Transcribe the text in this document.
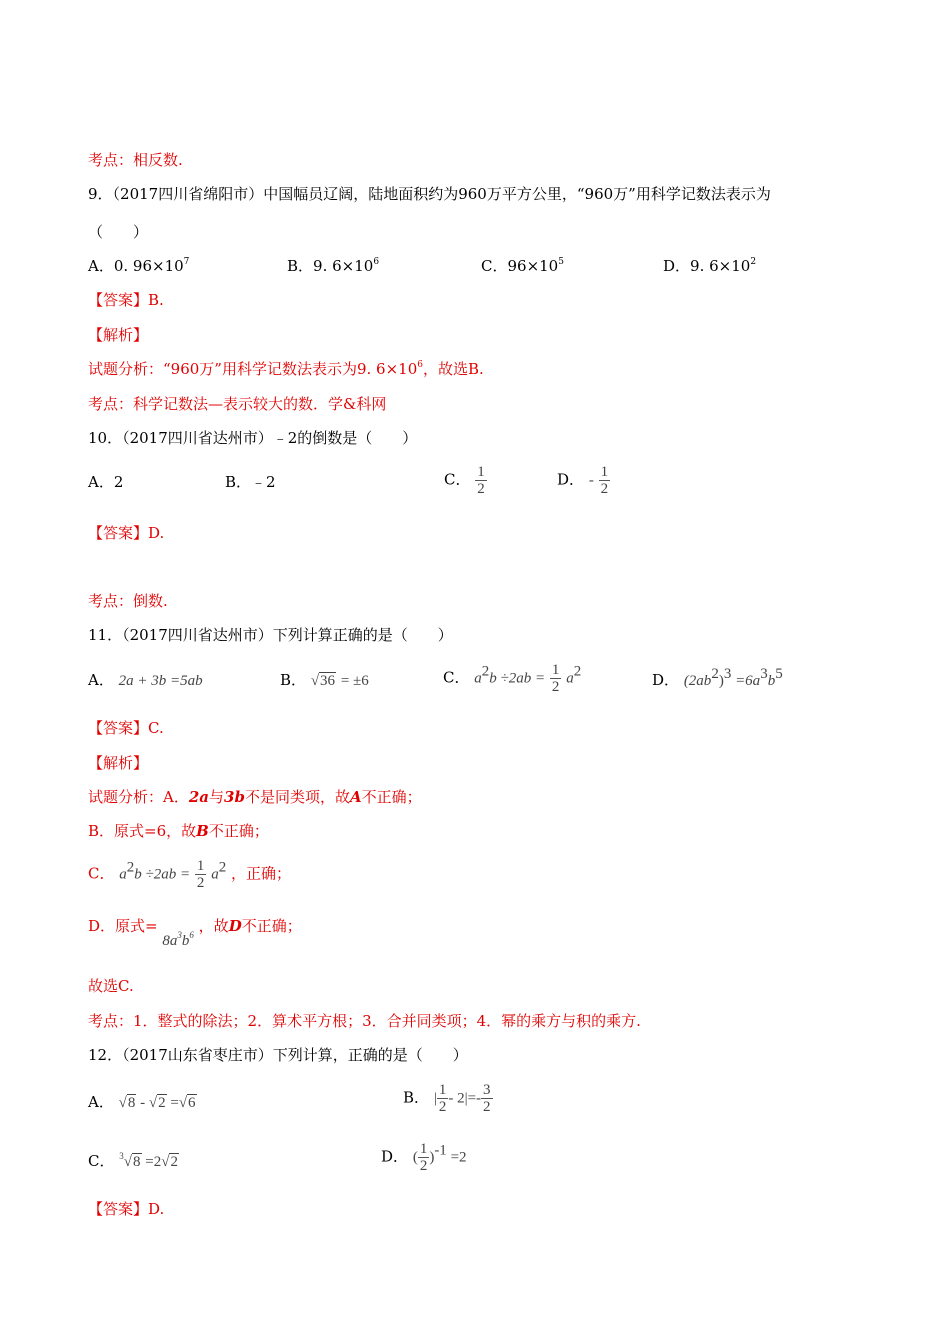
考点：相反数.
9．（2017四川省绵阳市）中国幅员辽阔，陆地面积约为960万平方公里，“960万”用科学记数法表示为
（　　）
A．0. $96\times 10^7$	B．9. $6\times 10^6$	C．$96\times 10^5$	D．9. $6\times 10^2$
【答案】B.
【解析】
试题分析：“960万”用科学记数法表示为9. $6\times 10^6$，故选B.
考点：科学记数法—表示较大的数．学&科网
10．（2017四川省达州市）﹣2的倒数是（　　）
A．2	B．﹣2	C． $\frac{1}{2}$	D． - $\frac{1}{2}$
【答案】D.
考点：倒数.
11．（2017四川省达州市）下列计算正确的是（　　）
A． 2a + 3b =5ab	B． √36 = ±6	C． $a^2b \div 2ab = \frac{1}{2} a^2$	D． $(2ab^2)^3 =6a^3b^5$
【答案】C.
【解析】
试题分析：A．2a与3b不是同类项，故A不正确；
B．原式=6，故B不正确；
C． $a^2b \div 2ab = \frac{1}{2} a^2$ ，正确；
D．原式= $8a^3b^6$ ，故D不正确；
故选C.
考点：1．整式的除法；2．算术平方根；3．合并同类项；4．幂的乘方与积的乘方.
12．（2017山东省枣庄市）下列计算，正确的是（　　）
A． √8 - √2 =√6	B． | $\frac{1}{2} - 2|=- \frac{3}{2}$
C． $^3$√8 =2√2	D． ( $\frac{1}{2} )^{-1} =2$
【答案】D.
